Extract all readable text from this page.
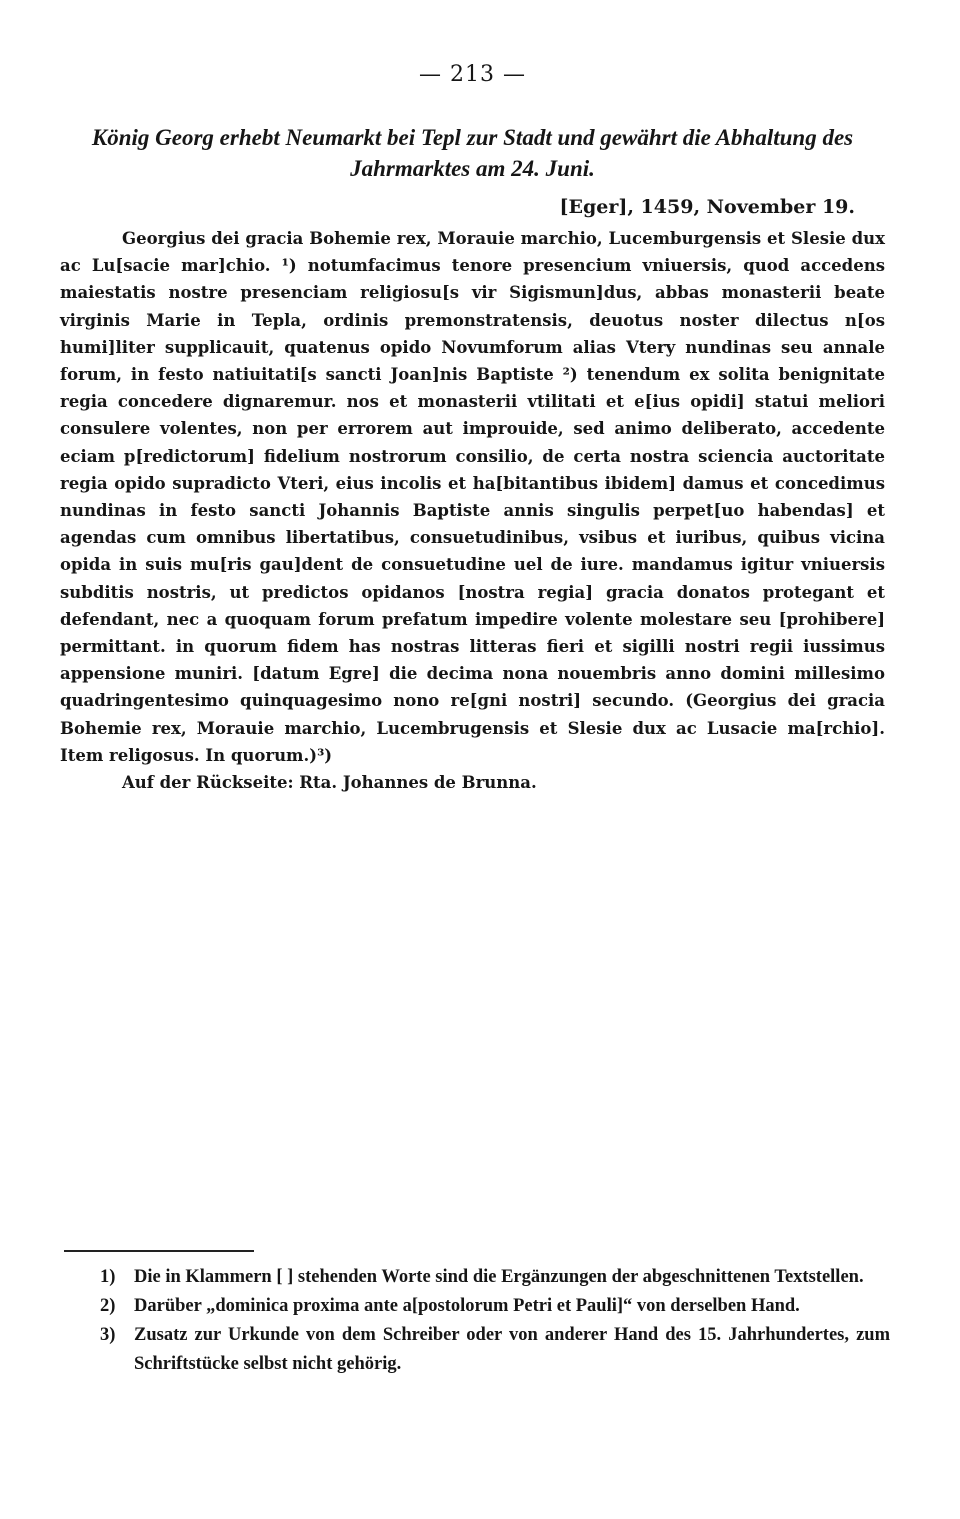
— 213 —
König Georg erhebt Neumarkt bei Tepl zur Stadt und gewährt die Abhaltung des Jahrmarktes am 24. Juni.
[Eger], 1459, November 19.

Georgius dei gracia Bohemie rex, Morauie marchio, Lucemburgensis et Slesie dux ac Lu[sacie mar]chio. ¹) notumfacimus tenore presencium vniuersis, quod accedens maiestatis nostre presenciam religiosu[s vir Sigismun]dus, abbas monasterii beate virginis Marie in Tepla, ordinis premonstratensis, deuotus noster dilectus n[os humi]liter supplicauit, quatenus opido Novumforum alias Vtery nundinas seu annale forum, in festo natiuitati[s sancti Joan]nis Baptiste ²) tenendum ex solita benignitate regia concedere dignaremur. nos et monasterii vtilitati et e[ius opidi] statui meliori consulere volentes, non per errorem aut improuide, sed animo deliberato, accedente eciam p[redictorum] fidelium nostrorum consilio, de certa nostra sciencia auctoritate regia opido supradicto Vteri, eius incolis et ha[bitantibus ibidem] damus et concedimus nundinas in festo sancti Johannis Baptiste annis singulis perpet[uo habendas] et agendas cum omnibus libertatibus, consuetudinibus, vsibus et iuribus, quibus vicina opida in suis mu[ris gau]dent de consuetudine uel de iure. mandamus igitur vniuersis subditis nostris, ut predictos opidanos [nostra regia] gracia donatos protegant et defendant, nec a quoquam forum prefatum impedire volente molestare seu [prohibere] permittant. in quorum fidem has nostras litteras fieri et sigilli nostri regii iussimus appensione muniri. [datum Egre] die decima nona nouembris anno domini millesimo quadringentesimo quinquagesimo nono re[gni nostri] secundo. (Georgius dei gracia Bohemie rex, Morauie marchio, Lucembrugensis et Slesie dux ac Lusacie ma[rchio]. Item religosus. In quorum.)³)

Auf der Rückseite: Rta. Johannes de Brunna.

1) Die in Klammern [ ] stehenden Worte sind die Ergänzungen der abgeschnittenen Textstellen.
2) Darüber „dominica proxima ante a[postolorum Petri et Pauli]“ von derselben Hand.
3) Zusatz zur Urkunde von dem Schreiber oder von anderer Hand des 15. Jahrhundertes, zum Schriftstücke selbst nicht gehörig.
